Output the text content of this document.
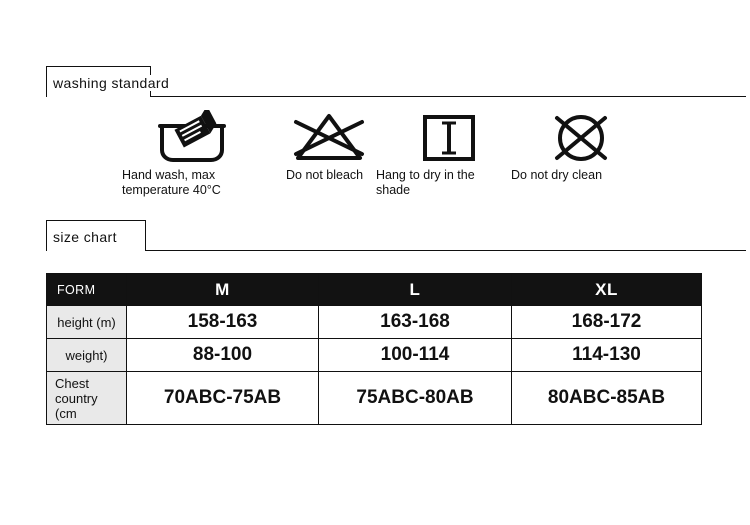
washing standard
Hand wash, max temperature 40°C
Do not bleach	Hang to dry in the shade
Do not dry clean
size chart
FORM	M	L	XL
height (m)	158-163	163-168	168-172
weight)	88-100	100-114	114-130

Chest
country
(cm	70ABC-75AB	75ABC-80AB	80ABC-85AB
